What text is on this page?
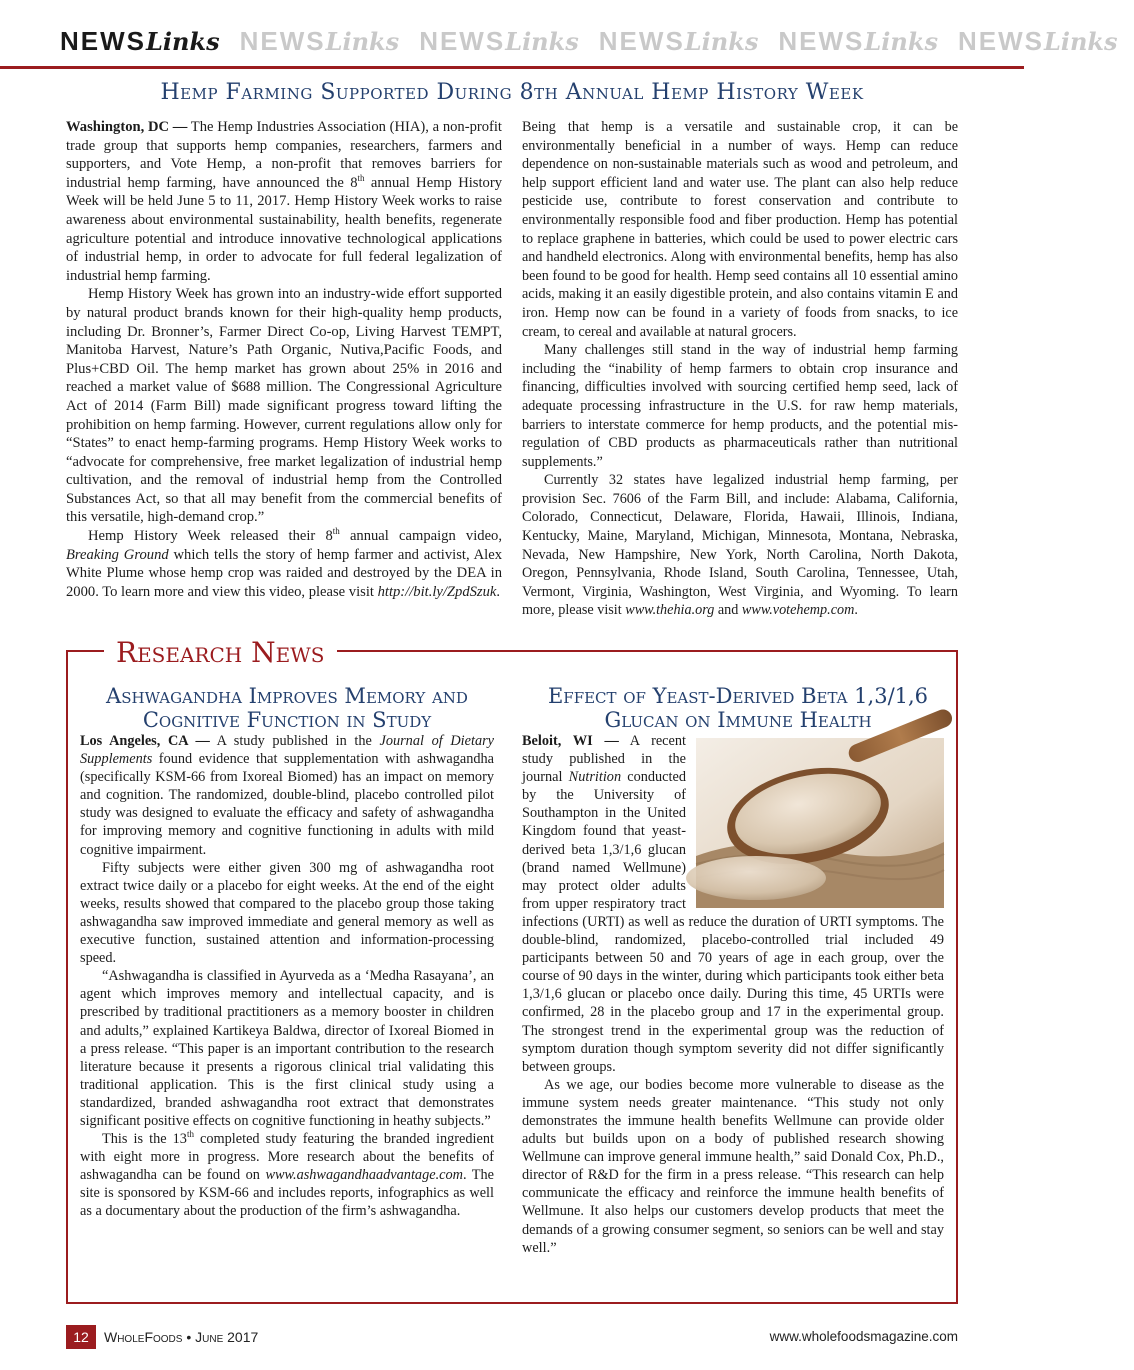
NEWSLinks NEWSLinks NEWSLinks NEWSLinks NEWSLinks NEWSLinks
Hemp Farming Supported During 8th Annual Hemp History Week

Washington, DC — The Hemp Industries Association (HIA), a non-profit trade group that supports hemp companies, researchers, farmers and supporters, and Vote Hemp, a non-profit that removes barriers for industrial hemp farming, have announced the 8th annual Hemp History Week will be held June 5 to 11, 2017. Hemp History Week works to raise awareness about environmental sustainability, health benefits, regenerate agriculture potential and introduce innovative technological applications of industrial hemp, in order to advocate for full federal legalization of industrial hemp farming.

Hemp History Week has grown into an industry-wide effort supported by natural product brands known for their high-quality hemp products, including Dr. Bronner’s, Farmer Direct Co-op, Living Harvest TEMPT, Manitoba Harvest, Nature’s Path Organic, Nutiva,Pacific Foods, and Plus+CBD Oil. The hemp market has grown about 25% in 2016 and reached a market value of $688 million. The Congressional Agriculture Act of 2014 (Farm Bill) made significant progress toward lifting the prohibition on hemp farming. However, current regulations allow only for “States” to enact hemp-farming programs. Hemp History Week works to “advocate for comprehensive, free market legalization of industrial hemp cultivation, and the removal of industrial hemp from the Controlled Substances Act, so that all may benefit from the commercial benefits of this versatile, high-demand crop.”

Hemp History Week released their 8th annual campaign video, Breaking Ground which tells the story of hemp farmer and activist, Alex White Plume whose hemp crop was raided and destroyed by the DEA in 2000. To learn more and view this video, please visit http://bit.ly/ZpdSzuk.

Being that hemp is a versatile and sustainable crop, it can be environmentally beneficial in a number of ways. Hemp can reduce dependence on non-sustainable materials such as wood and petroleum, and help support efficient land and water use. The plant can also help reduce pesticide use, contribute to forest conservation and contribute to environmentally responsible food and fiber production. Hemp has potential to replace graphene in batteries, which could be used to power electric cars and handheld electronics. Along with environmental benefits, hemp has also been found to be good for health. Hemp seed contains all 10 essential amino acids, making it an easily digestible protein, and also contains vitamin E and iron. Hemp now can be found in a variety of foods from snacks, to ice cream, to cereal and available at natural grocers.

Many challenges still stand in the way of industrial hemp farming including the “inability of hemp farmers to obtain crop insurance and financing, difficulties involved with sourcing certified hemp seed, lack of adequate processing infrastructure in the U.S. for raw hemp materials, barriers to interstate commerce for hemp products, and the potential mis-regulation of CBD products as pharmaceuticals rather than nutritional supplements.”

Currently 32 states have legalized industrial hemp farming, per provision Sec. 7606 of the Farm Bill, and include: Alabama, California, Colorado, Connecticut, Delaware, Florida, Hawaii, Illinois, Indiana, Kentucky, Maine, Maryland, Michigan, Minnesota, Montana, Nebraska, Nevada, New Hampshire, New York, North Carolina, North Dakota, Oregon, Pennsylvania, Rhode Island, South Carolina, Tennessee, Utah, Vermont, Virginia, Washington, West Virginia, and Wyoming. To learn more, please visit www.thehia.org and www.votehemp.com.

Research News
Ashwagandha Improves Memory and Cognitive Function in Study
Effect of Yeast-Derived Beta 1,3/1,6 Glucan on Immune Health

Los Angeles, CA — A study published in the Journal of Dietary Supplements found evidence that supplementation with ashwagandha (specifically KSM-66 from Ixoreal Biomed) has an impact on memory and cognition. The randomized, double-blind, placebo controlled pilot study was designed to evaluate the efficacy and safety of ashwagandha for improving memory and cognitive functioning in adults with mild cognitive impairment.

Fifty subjects were either given 300 mg of ashwagandha root extract twice daily or a placebo for eight weeks. At the end of the eight weeks, results showed that compared to the placebo group those taking ashwagandha saw improved immediate and general memory as well as executive function, sustained attention and information-processing speed.

“Ashwagandha is classified in Ayurveda as a ‘Medha Rasayana’, an agent which improves memory and intellectual capacity, and is prescribed by traditional practitioners as a memory booster in children and adults,” explained Kartikeya Baldwa, director of Ixoreal Biomed in a press release. “This paper is an important contribution to the research literature because it presents a rigorous clinical trial validating this traditional application. This is the first clinical study using a standardized, branded ashwagandha root extract that demonstrates significant positive effects on cognitive functioning in heathy subjects.”

This is the 13th completed study featuring the branded ingredient with eight more in progress. More research about the benefits of ashwagandha can be found on www.ashwagandhaadvantage.com. The site is sponsored by KSM-66 and includes reports, infographics as well as a documentary about the production of the firm’s ashwagandha.

Beloit, WI — A recent study published in the journal Nutrition conducted by the University of Southampton in the United Kingdom found that yeast-derived beta 1,3/1,6 glucan (brand named Wellmune) may protect older adults from upper respiratory tract infections (URTI) as well as reduce the duration of URTI symptoms. The double-blind, randomized, placebo-controlled trial included 49 participants between 50 and 70 years of age in each group, over the course of 90 days in the winter, during which participants took either beta 1,3/1,6 glucan or placebo once daily. During this time, 45 URTIs were confirmed, 28 in the placebo group and 17 in the experimental group. The strongest trend in the experimental group was the reduction of symptom duration though symptom severity did not differ significantly between groups.

As we age, our bodies become more vulnerable to disease as the immune system needs greater maintenance. “This study not only demonstrates the immune health benefits Wellmune can provide older adults but builds upon on a body of published research showing Wellmune can improve general immune health,” said Donald Cox, Ph.D., director of R&D for the firm in a press release. “This research can help communicate the efficacy and reinforce the immune health benefits of Wellmune. It also helps our customers develop products that meet the demands of a growing consumer segment, so seniors can be well and stay well.”

12	WholeFoods • June 2017	www.wholefoodsmagazine.com
